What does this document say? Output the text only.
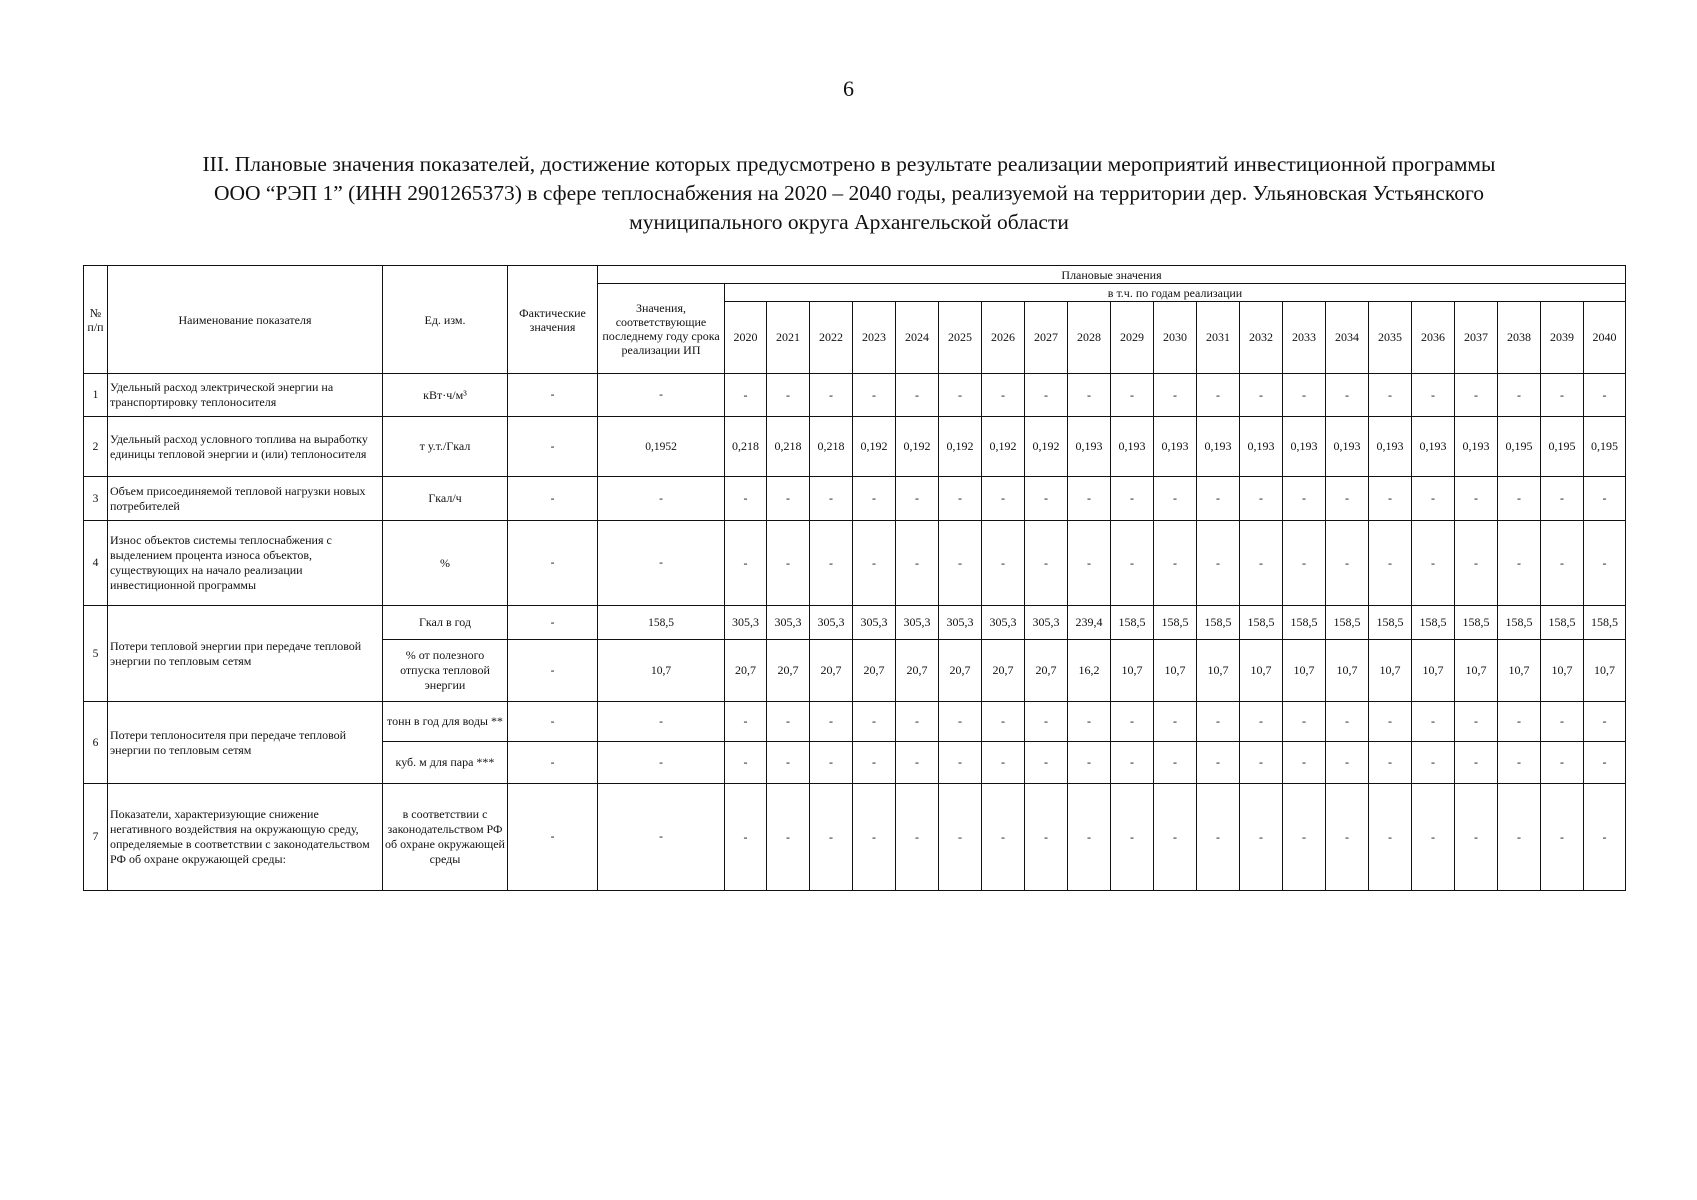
6
III. Плановые значения показателей, достижение которых предусмотрено в результате реализации мероприятий инвестиционной программы
ООО “РЭП 1” (ИНН 2901265373) в сфере теплоснабжения на 2020 – 2040 годы, реализуемой на территории дер. Ульяновская Устьянского
муниципального округа Архангельской области
№ п/п	Наименование показателя	Ед. изм.	Фактические значения	Плановые значения																					
				Значения, соответствующие последнему году срока реализации ИП	в т.ч. по годам реализации																				
					2020	2021	2022	2023	2024	2025	2026	2027	2028	2029	2030	2031	2032	2033	2034	2035	2036	2037	2038	2039	2040
1	Удельный расход электрической энергии на транспортировку теплоносителя	кВт·ч/м³	-	-	-	-	-	-	-	-	-	-	-	-	-	-	-	-	-	-	-	-	-	-	-
2	Удельный расход условного топлива на выработку единицы тепловой энергии и (или) теплоносителя	т у.т./Гкал	-	0,1952	0,218	0,218	0,218	0,192	0,192	0,192	0,192	0,192	0,193	0,193	0,193	0,193	0,193	0,193	0,193	0,193	0,193	0,193	0,195	0,195	0,195
3	Объем присоединяемой тепловой нагрузки новых потребителей	Гкал/ч	-	-	-	-	-	-	-	-	-	-	-	-	-	-	-	-	-	-	-	-	-	-	-
4	Износ объектов системы теплоснабжения с выделением процента износа объектов, существующих на начало реализации инвестиционной программы	%	-	-	-	-	-	-	-	-	-	-	-	-	-	-	-	-	-	-	-	-	-	-	-
5	Потери тепловой энергии при передаче тепловой энергии по тепловым сетям	Гкал в год	-	158,5	305,3	305,3	305,3	305,3	305,3	305,3	305,3	305,3	239,4	158,5	158,5	158,5	158,5	158,5	158,5	158,5	158,5	158,5	158,5	158,5	158,5
		% от полезного отпуска тепловой энергии	-	10,7	20,7	20,7	20,7	20,7	20,7	20,7	20,7	20,7	16,2	10,7	10,7	10,7	10,7	10,7	10,7	10,7	10,7	10,7	10,7	10,7	10,7
6	Потери теплоносителя при передаче тепловой энергии по тепловым сетям	тонн в год для воды **	-	-	-	-	-	-	-	-	-	-	-	-	-	-	-	-	-	-	-	-	-	-	-
		куб. м для пара ***	-	-	-	-	-	-	-	-	-	-	-	-	-	-	-	-	-	-	-	-	-	-	-
7	Показатели, характеризующие снижение негативного воздействия на окружающую среду, определяемые в соответствии с законодательством РФ об охране окружающей среды:	в соответствии с законодательством РФ об охране окружающей среды	-	-	-	-	-	-	-	-	-	-	-	-	-	-	-	-	-	-	-	-	-	-	-
